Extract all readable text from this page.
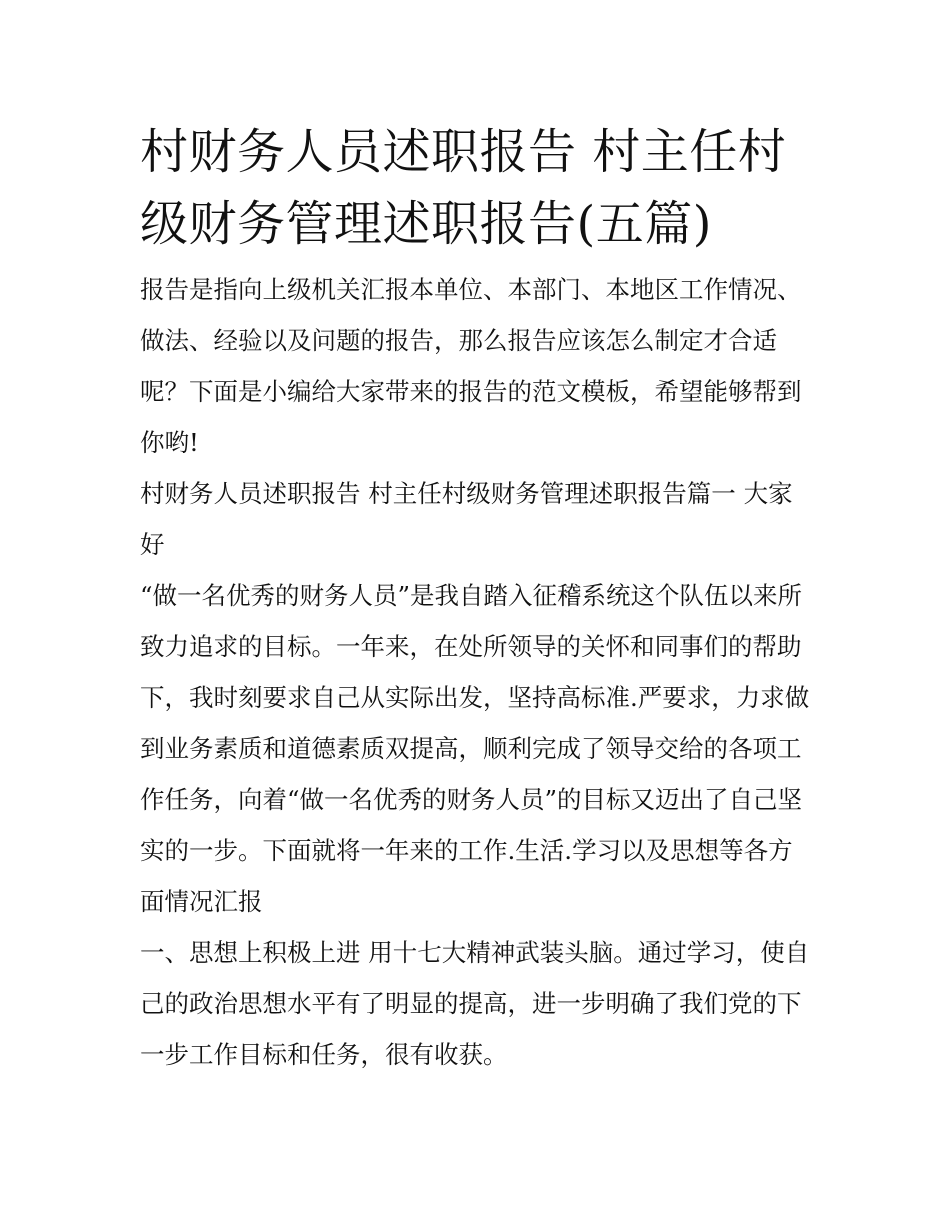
村财务人员述职报告 村主任村级财务管理述职报告(五篇)

报告是指向上级机关汇报本单位、本部门、本地区工作情况、做法、经验以及问题的报告，那么报告应该怎么制定才合适呢？下面是小编给大家带来的报告的范文模板，希望能够帮到你哟!

村财务人员述职报告 村主任村级财务管理述职报告篇一 大家好

“做一名优秀的财务人员”是我自踏入征稽系统这个队伍以来所致力追求的目标。一年来，在处所领导的关怀和同事们的帮助下，我时刻要求自己从实际出发，坚持高标准.严要求，力求做到业务素质和道德素质双提高，顺利完成了领导交给的各项工作任务，向着“做一名优秀的财务人员”的目标又迈出了自己坚实的一步。下面就将一年来的工作.生活.学习以及思想等各方面情况汇报

一、思想上积极上进 用十七大精神武装头脑。通过学习，使自己的政治思想水平有了明显的提高，进一步明确了我们党的下一步工作目标和任务，很有收获。
